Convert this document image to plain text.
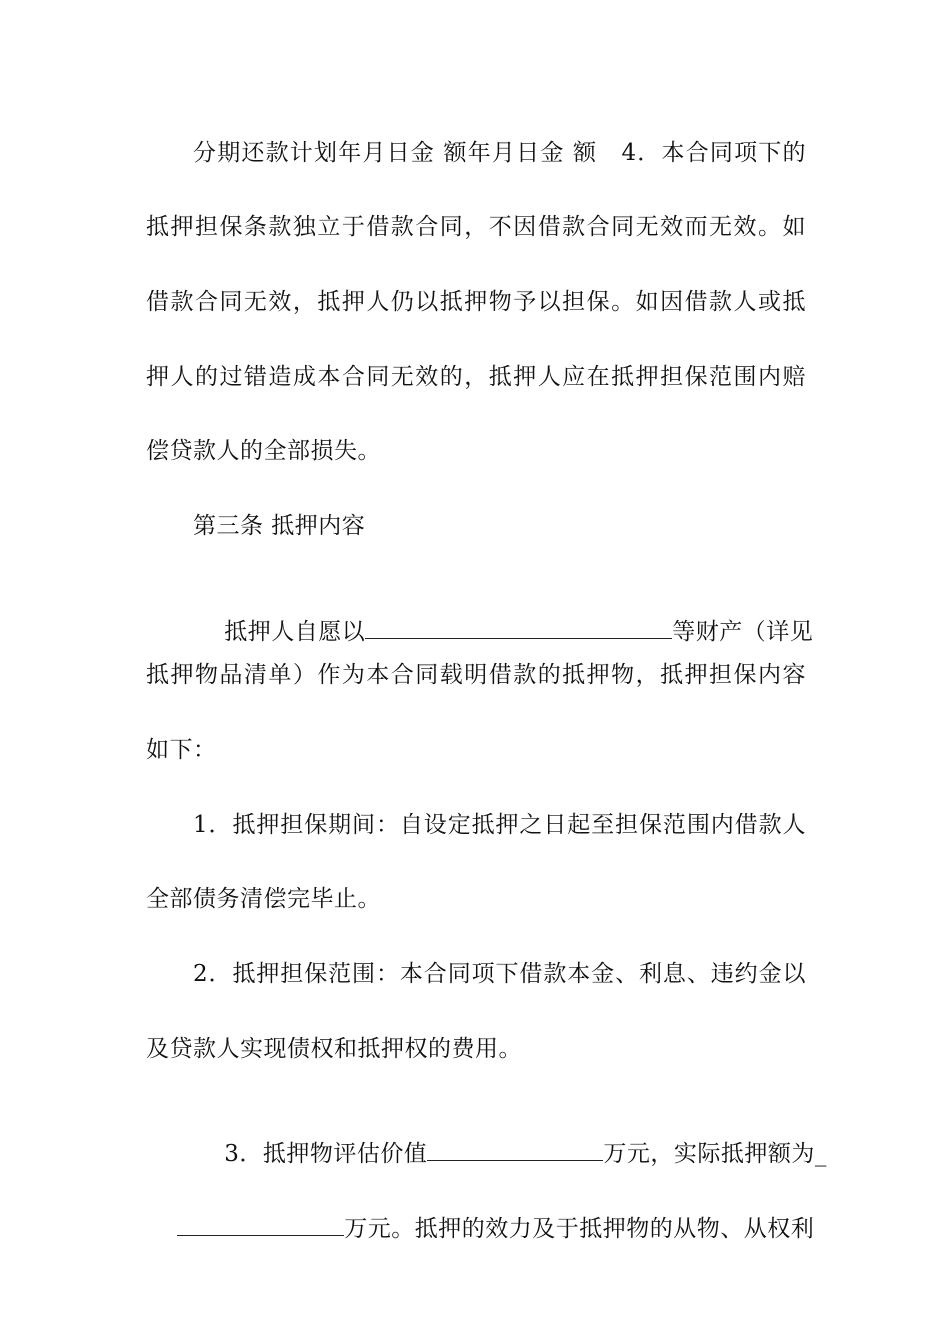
分期还款计划年月日金 额年月日金 额　4．本合同项下的
抵押担保条款独立于借款合同，不因借款合同无效而无效。如
借款合同无效，抵押人仍以抵押物予以担保。如因借款人或抵
押人的过错造成本合同无效的，抵押人应在抵押担保范围内赔
偿贷款人的全部损失。
第三条 抵押内容

抵押人自愿以	等财产（详见

抵押物品清单）作为本合同载明借款的抵押物，抵押担保内容
如下：
1．抵押担保期间：自设定抵押之日起至担保范围内借款人
全部债务清偿完毕止。
2．抵押担保范围：本合同项下借款本金、利息、违约金以
及贷款人实现债权和抵押权的费用。

3．抵押物评估价值	万元，实际抵押额为_

万元。抵押的效力及于抵押物的从物、从权利
